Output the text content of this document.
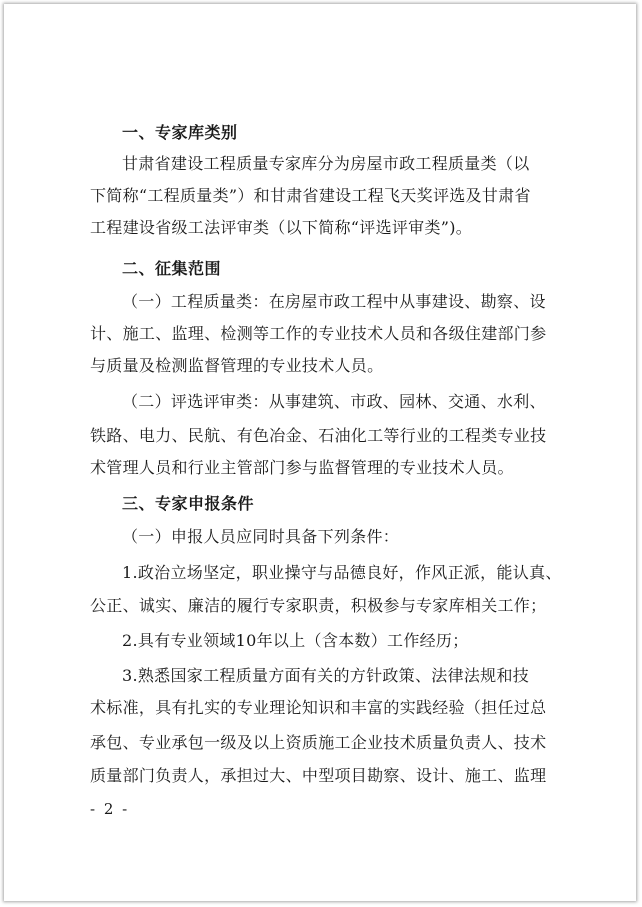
一、专家库类别
甘肃省建设工程质量专家库分为房屋市政工程质量类（以
下简称“工程质量类”）和甘肃省建设工程飞天奖评选及甘肃省
工程建设省级工法评审类（以下简称“评选评审类”)。
二、征集范围
（一）工程质量类：在房屋市政工程中从事建设、勘察、设
计、施工、监理、检测等工作的专业技术人员和各级住建部门参
与质量及检测监督管理的专业技术人员。
（二）评选评审类：从事建筑、市政、园林、交通、水利、
铁路、电力、民航、有色冶金、石油化工等行业的工程类专业技
术管理人员和行业主管部门参与监督管理的专业技术人员。
三、专家申报条件
（一）申报人员应同时具备下列条件：
1.政治立场坚定，职业操守与品德良好，作风正派，能认真、
公正、诚实、廉洁的履行专家职责，积极参与专家库相关工作；
2.具有专业领域10年以上（含本数）工作经历；
3.熟悉国家工程质量方面有关的方针政策、法律法规和技
术标准，具有扎实的专业理论知识和丰富的实践经验（担任过总
承包、专业承包一级及以上资质施工企业技术质量负责人、技术
质量部门负责人，承担过大、中型项目勘察、设计、施工、监理
- 2 -
